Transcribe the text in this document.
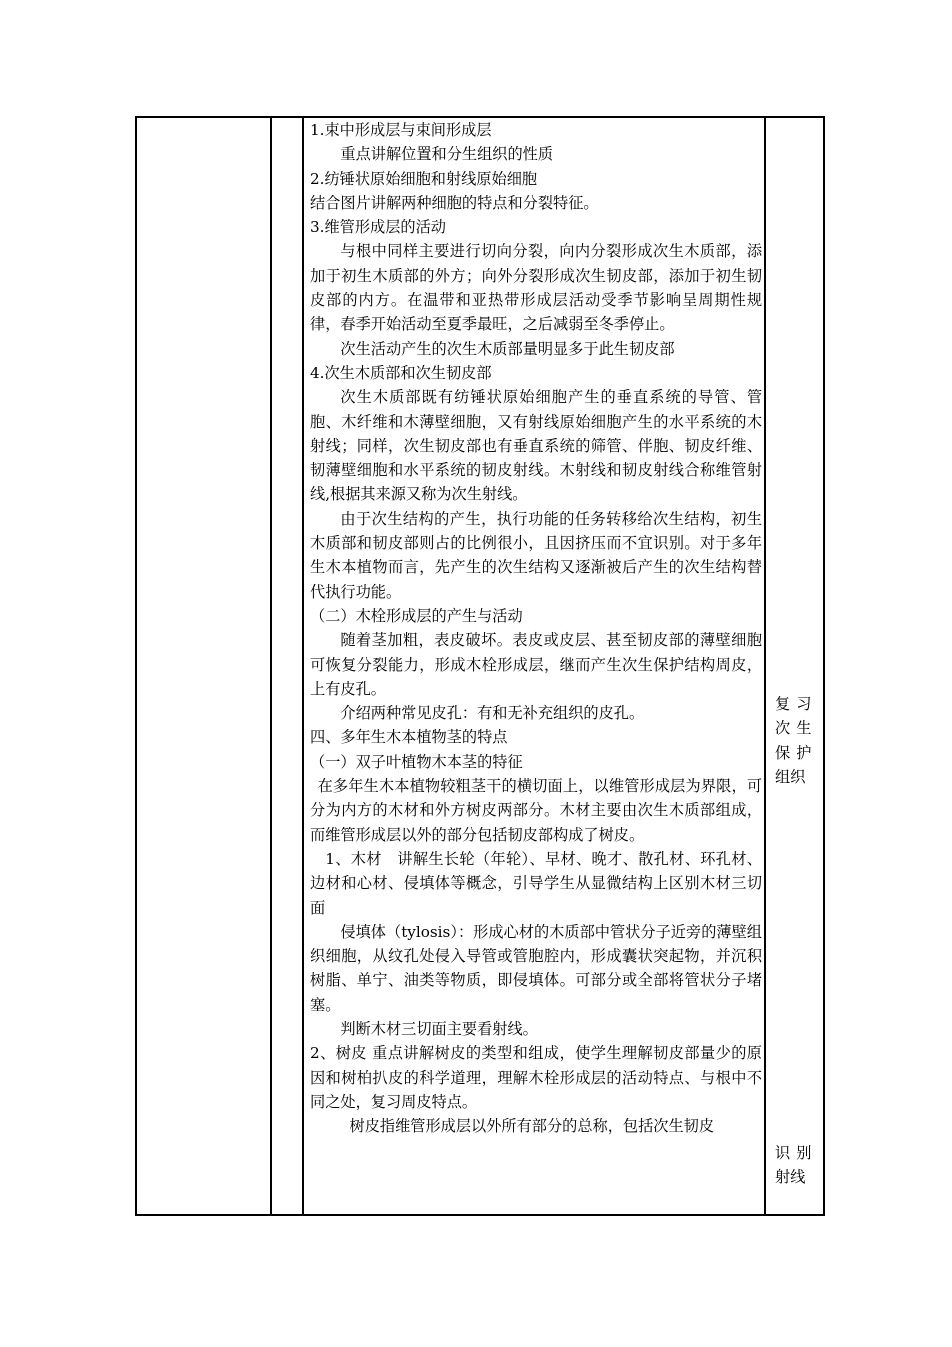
1.束中形成层与束间形成层

重点讲解位置和分生组织的性质

2.纺锤状原始细胞和射线原始细胞

结合图片讲解两种细胞的特点和分裂特征。

3.维管形成层的活动

与根中同样主要进行切向分裂，向内分裂形成次生木质部，添加于初生木质部的外方；向外分裂形成次生韧皮部，添加于初生韧皮部的内方。在温带和亚热带形成层活动受季节影响呈周期性规律，春季开始活动至夏季最旺，之后减弱至冬季停止。

次生活动产生的次生木质部量明显多于此生韧皮部

4.次生木质部和次生韧皮部

次生木质部既有纺锤状原始细胞产生的垂直系统的导管、管胞、木纤维和木薄壁细胞，又有射线原始细胞产生的水平系统的木射线；同样，次生韧皮部也有垂直系统的筛管、伴胞、韧皮纤维、韧薄壁细胞和水平系统的韧皮射线。木射线和韧皮射线合称维管射线,根据其来源又称为次生射线。

由于次生结构的产生，执行功能的任务转移给次生结构，初生木质部和韧皮部则占的比例很小，且因挤压而不宜识别。对于多年生木本植物而言，先产生的次生结构又逐渐被后产生的次生结构替代执行功能。

（二）木栓形成层的产生与活动

随着茎加粗，表皮破坏。表皮或皮层、甚至韧皮部的薄壁细胞可恢复分裂能力，形成木栓形成层，继而产生次生保护结构周皮，上有皮孔。

介绍两种常见皮孔：有和无补充组织的皮孔。

四、多年生木本植物茎的特点

（一）双子叶植物木本茎的特征

在多年生木本植物较粗茎干的横切面上，以维管形成层为界限，可分为内方的木材和外方树皮两部分。木材主要由次生木质部组成，而维管形成层以外的部分包括韧皮部构成了树皮。

1、木材　讲解生长轮（年轮）、早材、晚才、散孔材、环孔材、边材和心材、侵填体等概念，引导学生从显微结构上区别木材三切面

侵填体（tylosis）：形成心材的木质部中管状分子近旁的薄壁组织细胞，从纹孔处侵入导管或管胞腔内，形成囊状突起物，并沉积树脂、单宁、油类等物质，即侵填体。可部分或全部将管状分子堵塞。

判断木材三切面主要看射线。

2、树皮 重点讲解树皮的类型和组成，使学生理解韧皮部量少的原因和树柏扒皮的科学道理，理解木栓形成层的活动特点、与根中不同之处，复习周皮特点。

树皮指维管形成层以外所有部分的总称，包括次生韧皮

复习
次生
保护
组织
识别
射线
